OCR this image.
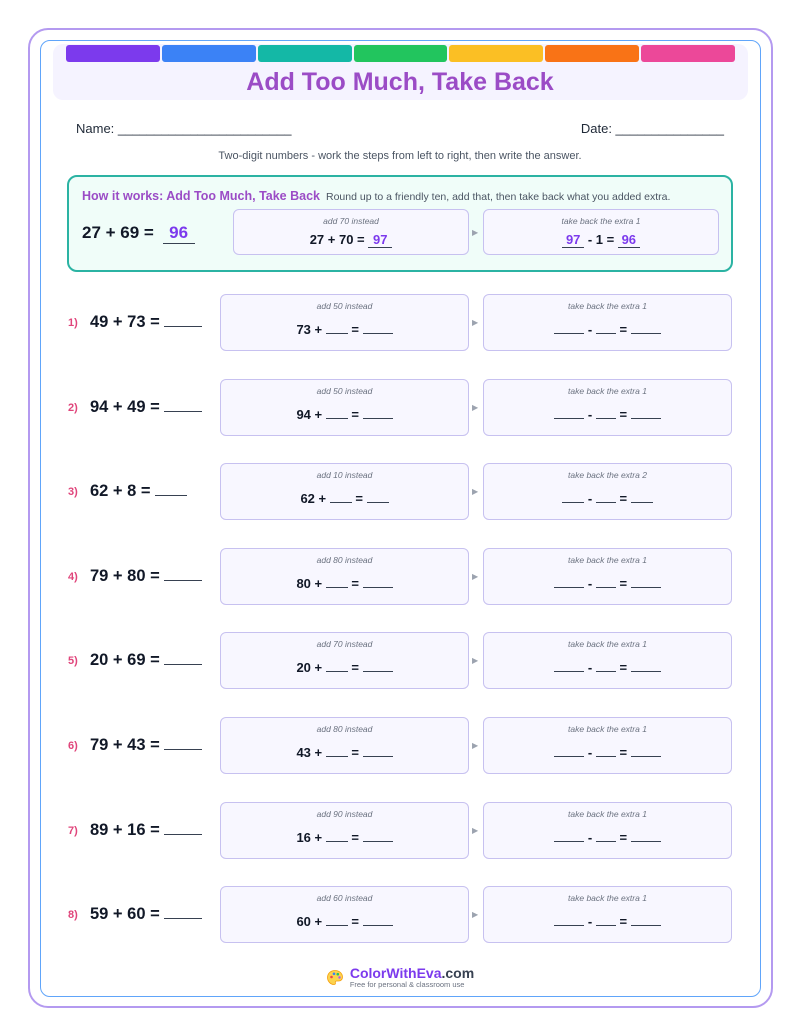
Add Too Much, Take Back
Name: ________________________	Date: _______________
Two-digit numbers - work the steps from left to right, then write the answer.
How it works: Add Too Much, Take Back Round up to a friendly ten, add that, then take back what you added extra.
27 + 69 = 96
add 70 instead
27 + 70 = 97	▶
take back the extra 1
97 - 1 = 96
1) 49 + 73 =
add 50 instead
73 +  =	▶
take back the extra 1
-  =
2) 94 + 49 =
add 50 instead
94 +  =	▶
take back the extra 1
-  =
3) 62 + 8 =
add 10 instead
62 +  =	▶
take back the extra 2
-  =
4) 79 + 80 =
add 80 instead
80 +  =	▶
take back the extra 1
-  =
5) 20 + 69 =
add 70 instead
20 +  =	▶
take back the extra 1
-  =
6) 79 + 43 =
add 80 instead
43 +  =	▶
take back the extra 1
-  =
7) 89 + 16 =
add 90 instead
16 +  =	▶
take back the extra 1
-  =
8) 59 + 60 =
add 60 instead
60 +  =	▶
take back the extra 1
-  =
ColorWithEva.com
Free for personal & classroom use
